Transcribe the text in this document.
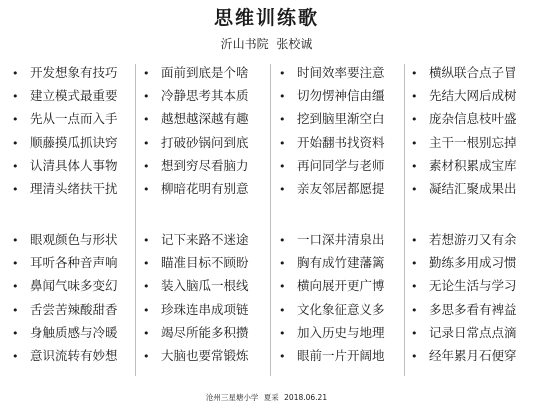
思维训练歌
沂山书院 张校诚
• 开发想象有技巧
• 建立模式最重要
• 先从一点而入手
• 顺藤摸瓜抓诀窍
• 认清具体人事物
• 理清头绪扶干扰
• 眼观颜色与形状
• 耳听各种音声响
• 鼻闻气味多变幻
• 舌尝苦辣酸甜香
• 身触质感与冷暖
• 意识流转有妙想
• 面前到底是个啥
• 冷静思考其本质
• 越想越深越有趣
• 打破砂锅问到底
• 想到穷尽看脑力
• 柳暗花明有别意
• 记下来路不迷途
• 瞄准目标不顾盼
• 装入脑瓜一根线
• 珍珠连串成项链
• 竭尽所能多积攒
• 大脑也要常锻炼
• 时间效率要注意
• 切勿愣神信由缰
• 挖到脑里渐空白
• 开始翻书找资料
• 再问同学与老师
• 亲友邻居都愿提
• 一口深井清泉出
• 胸有成竹建藩篱
• 横向展开更广博
• 文化象征意义多
• 加入历史与地理
• 眼前一片开阔地
• 横纵联合点子冒
• 先结大网后成树
• 庞杂信息枝叶盛
• 主干一根别忘掉
• 素材积累成宝库
• 凝结汇聚成果出
• 若想游刃又有余
• 勤练多用成习惯
• 无论生活与学习
• 多思多看有裨益
• 记录日常点点滴
• 经年累月石便穿
沧州三星塘小学 夏采 2018.06.21
